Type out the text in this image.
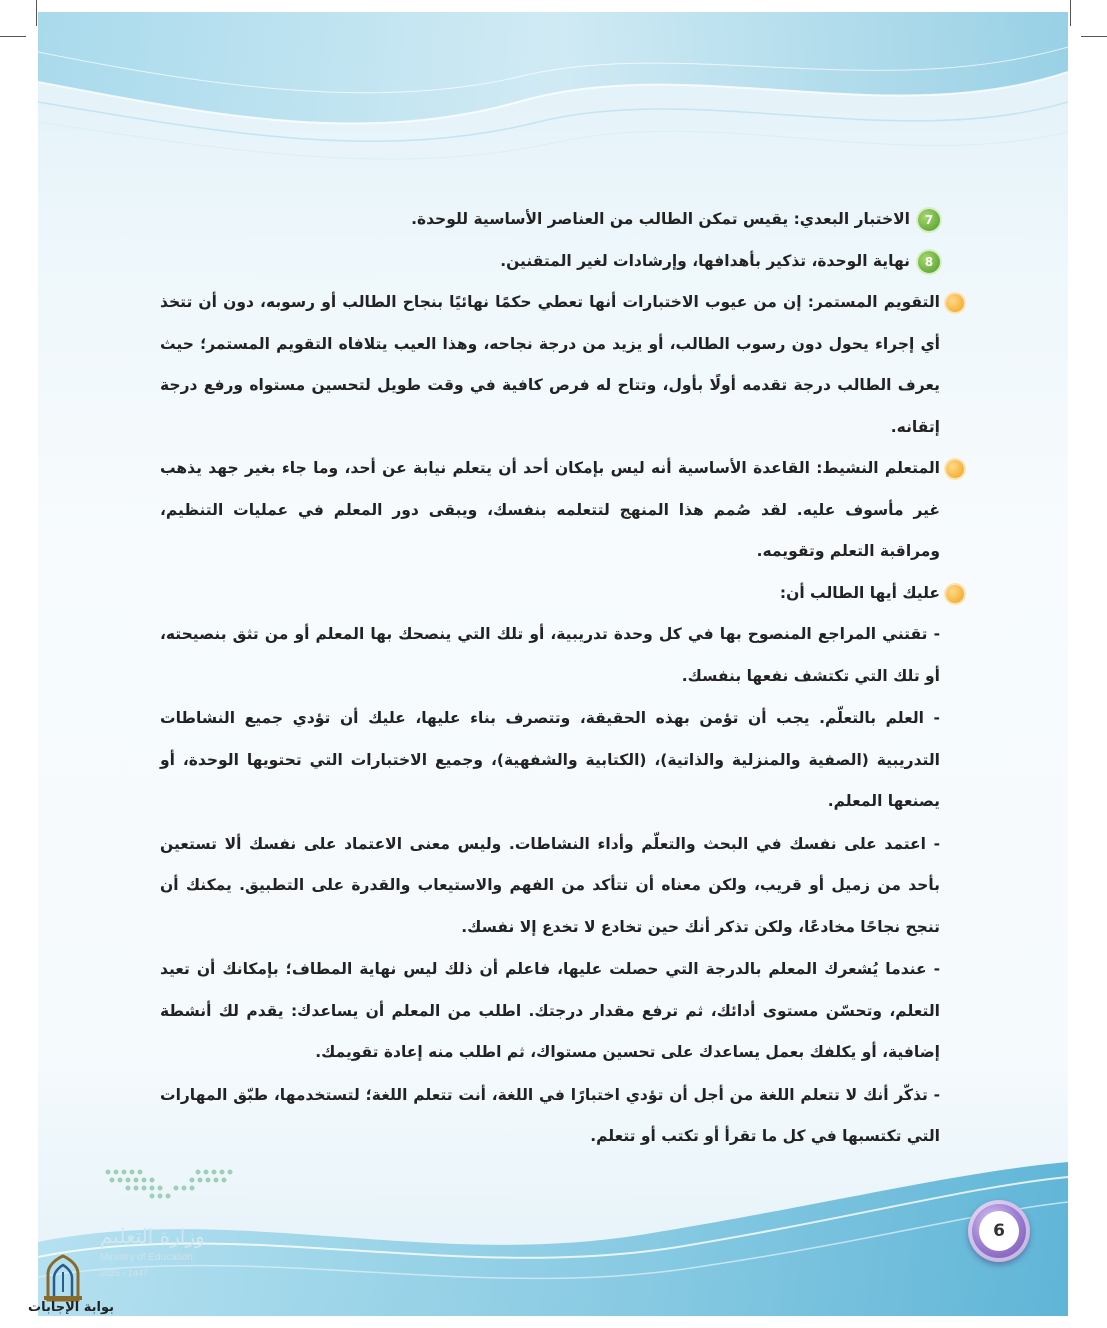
7الاختبار البعدي: يقيس تمكن الطالب من العناصر الأساسية للوحدة.
8نهاية الوحدة، تذكير بأهدافها، وإرشادات لغير المتقنين.

التقويم المستمر: إن من عيوب الاختبارات أنها تعطي حكمًا نهائيًا بنجاح الطالب أو رسوبه، دون أن تتخذ أي إجراء يحول دون رسوب الطالب، أو يزيد من درجة نجاحه، وهذا العيب يتلافاه التقويم المستمر؛ حيث يعرف الطالب درجة تقدمه أولًا بأول، وتتاح له فرص كافية في وقت طويل لتحسين مستواه ورفع درجة إتقانه.

المتعلم النشيط: القاعدة الأساسية أنه ليس بإمكان أحد أن يتعلم نيابة عن أحد، وما جاء بغير جهد يذهب غير مأسوف عليه. لقد صُمم هذا المنهج لتتعلمه بنفسك، ويبقى دور المعلم في عمليات التنظيم، ومراقبة التعلم وتقويمه.

عليك أيها الطالب أن:

- تقتني المراجع المنصوح بها في كل وحدة تدريبية، أو تلك التي ينصحك بها المعلم أو من تثق بنصيحته، أو تلك التي تكتشف نفعها بنفسك.

- العلم بالتعلّم. يجب أن تؤمن بهذه الحقيقة، وتتصرف بناء عليها، عليك أن تؤدي جميع النشاطات التدريبية (الصفية والمنزلية والذاتية)، (الكتابية والشفهية)، وجميع الاختبارات التي تحتويها الوحدة، أو يصنعها المعلم.

- اعتمد على نفسك في البحث والتعلّم وأداء النشاطات. وليس معنى الاعتماد على نفسك ألا تستعين بأحد من زميل أو قريب، ولكن معناه أن تتأكد من الفهم والاستيعاب والقدرة على التطبيق. يمكنك أن تنجح نجاحًا مخادعًا، ولكن تذكر أنك حين تخادع لا تخدع إلا نفسك.

- عندما يُشعرك المعلم بالدرجة التي حصلت عليها، فاعلم أن ذلك ليس نهاية المطاف؛ بإمكانك أن تعيد التعلم، وتحسّن مستوى أدائك، ثم ترفع مقدار درجتك. اطلب من المعلم أن يساعدك: يقدم لك أنشطة إضافية، أو يكلفك بعمل يساعدك على تحسين مستواك، ثم اطلب منه إعادة تقويمك.

- تذكّر أنك لا تتعلم اللغة من أجل أن تؤدي اختبارًا في اللغة، أنت تتعلم اللغة؛ لتستخدمها، طبّق المهارات التي تكتسبها في كل ما تقرأ أو تكتب أو تتعلم.

وزارة التعليم
Ministry of Education
2025 - 1447
6
بوابة الإجابات
